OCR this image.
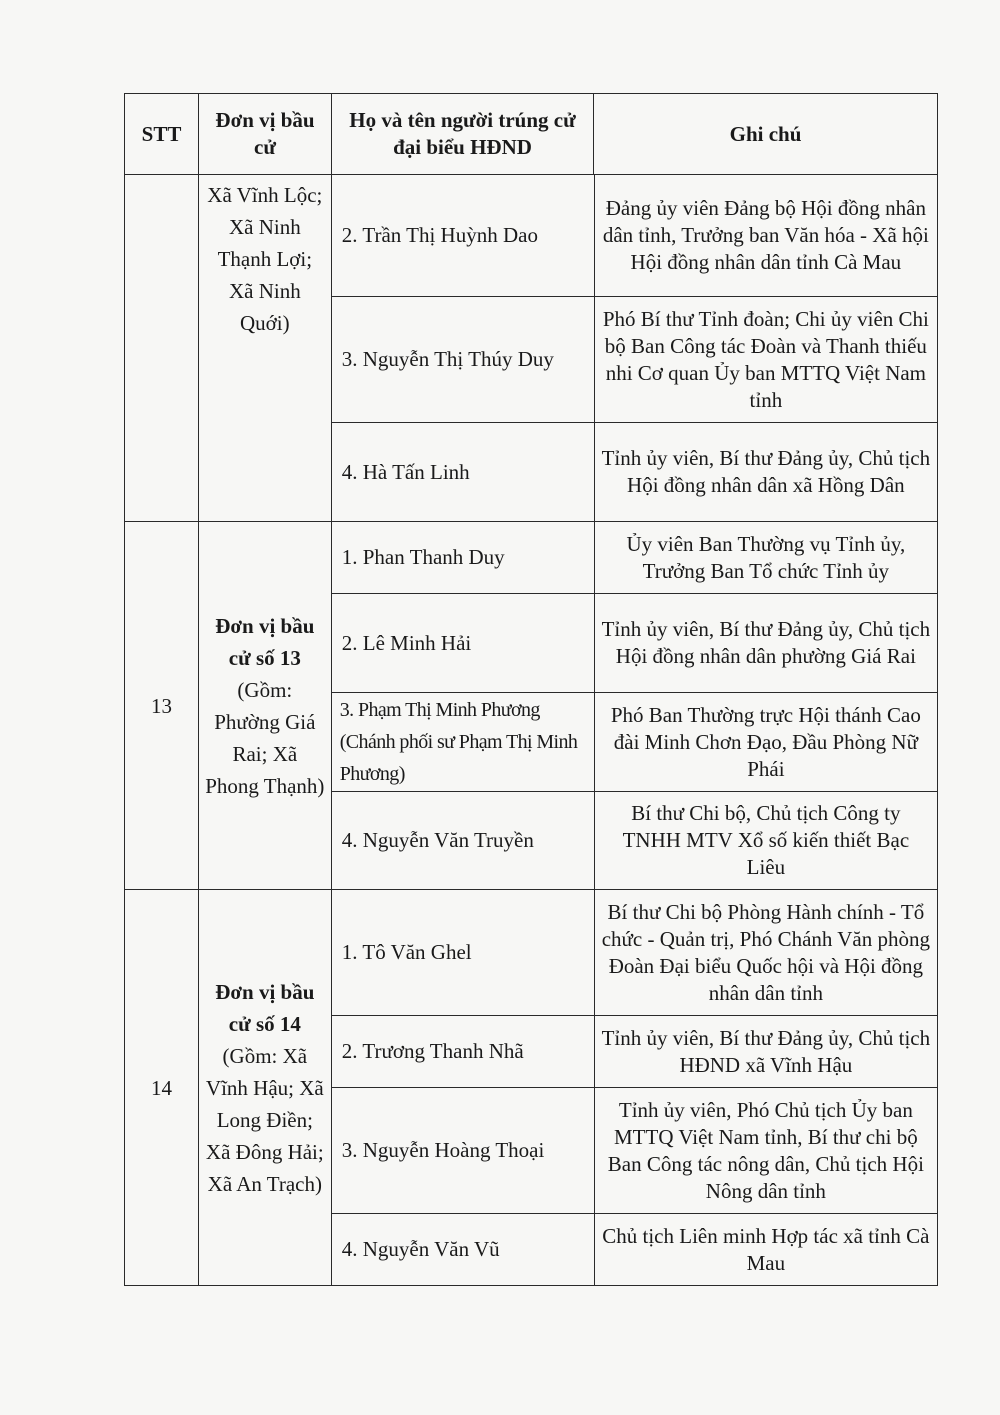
STT
Đơn vị bầu cử
Họ và tên người trúng cử đại biểu HĐND
Ghi chú
Xã Vĩnh Lộc; Xã Ninh Thạnh Lợi; Xã Ninh Quới)
2. Trần Thị Huỳnh Dao
Đảng ủy viên Đảng bộ Hội đồng nhân dân tỉnh, Trưởng ban Văn hóa - Xã hội Hội đồng nhân dân tỉnh Cà Mau
3. Nguyễn Thị Thúy Duy
Phó Bí thư Tỉnh đoàn; Chi ủy viên Chi bộ Ban Công tác Đoàn và Thanh thiếu nhi Cơ quan Ủy ban MTTQ Việt Nam tỉnh
4. Hà Tấn Linh
Tỉnh ủy viên, Bí thư Đảng ủy, Chủ tịch Hội đồng nhân dân xã Hồng Dân
13
Đơn vị bầu cử số 13 (Gồm: Phường Giá Rai; Xã Phong Thạnh)
1. Phan Thanh Duy
Ủy viên Ban Thường vụ Tỉnh ủy, Trưởng Ban Tổ chức Tỉnh ủy
2. Lê Minh Hải
Tỉnh ủy viên, Bí thư Đảng ủy, Chủ tịch Hội đồng nhân dân phường Giá Rai
3. Phạm Thị Minh Phương (Chánh phối sư Phạm Thị Minh Phương)
Phó Ban Thường trực Hội thánh Cao đài Minh Chơn Đạo, Đầu Phòng Nữ Phái
4. Nguyễn Văn Truyền
Bí thư Chi bộ, Chủ tịch Công ty TNHH MTV Xổ số kiến thiết Bạc Liêu
14
Đơn vị bầu cử số 14 (Gồm: Xã Vĩnh Hậu; Xã Long Điền; Xã Đông Hải; Xã An Trạch)
1. Tô Văn Ghel
Bí thư Chi bộ Phòng Hành chính - Tổ chức - Quản trị, Phó Chánh Văn phòng Đoàn Đại biểu Quốc hội và Hội đồng nhân dân tỉnh
2. Trương Thanh Nhã
Tỉnh ủy viên, Bí thư Đảng ủy, Chủ tịch HĐND xã Vĩnh Hậu
3. Nguyễn Hoàng Thoại
Tỉnh ủy viên, Phó Chủ tịch Ủy ban MTTQ Việt Nam tỉnh, Bí thư chi bộ Ban Công tác nông dân, Chủ tịch Hội Nông dân tỉnh
4. Nguyễn Văn Vũ
Chủ tịch Liên minh Hợp tác xã tỉnh Cà Mau
